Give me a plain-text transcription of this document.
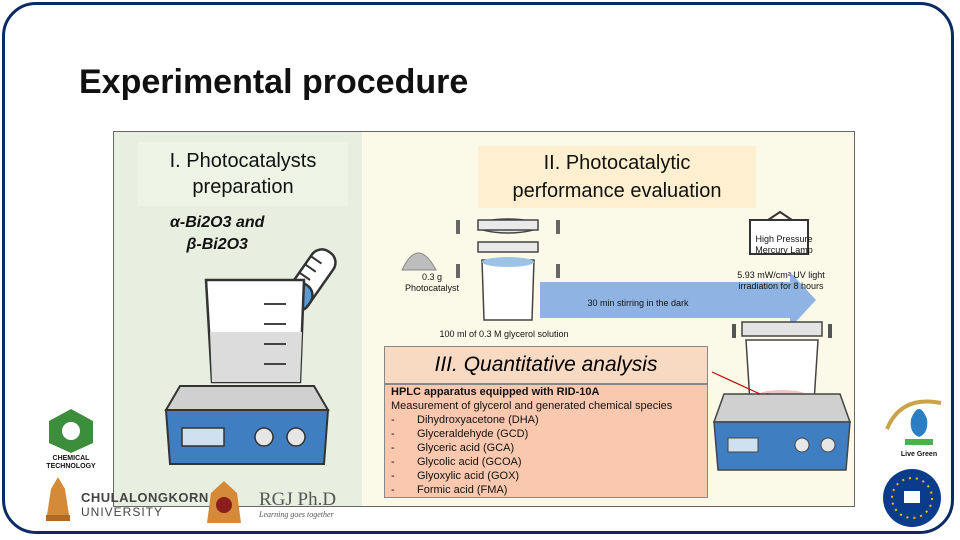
Experimental procedure
I. Photocatalysts
preparation
α-Bi2O3 and
β-Bi2O3
II. Photocatalytic
performance evaluation
High Pressure
Mercury Lamp
0.3 g
Photocatalyst
5.93 mW/cm² UV light
irradiation for 8 hours
30 min stirring in the dark
100 ml of 0.3 M glycerol solution
III. Quantitative analysis
HPLC apparatus equipped with RID-10A
Measurement of glycerol and generated chemical species
-	Dihydroxyacetone (DHA)
-	Glyceraldehyde (GCD)
-	Glyceric acid (GCA)
-	Glycolic acid (GCOA)
-	Glyoxylic acid (GOX)
-	Formic acid (FMA)
CHEMICAL
TECHNOLOGY
CHULALONGKORN
UNIVERSITY
RGJ Ph.D
Learning goes together
Live Green
